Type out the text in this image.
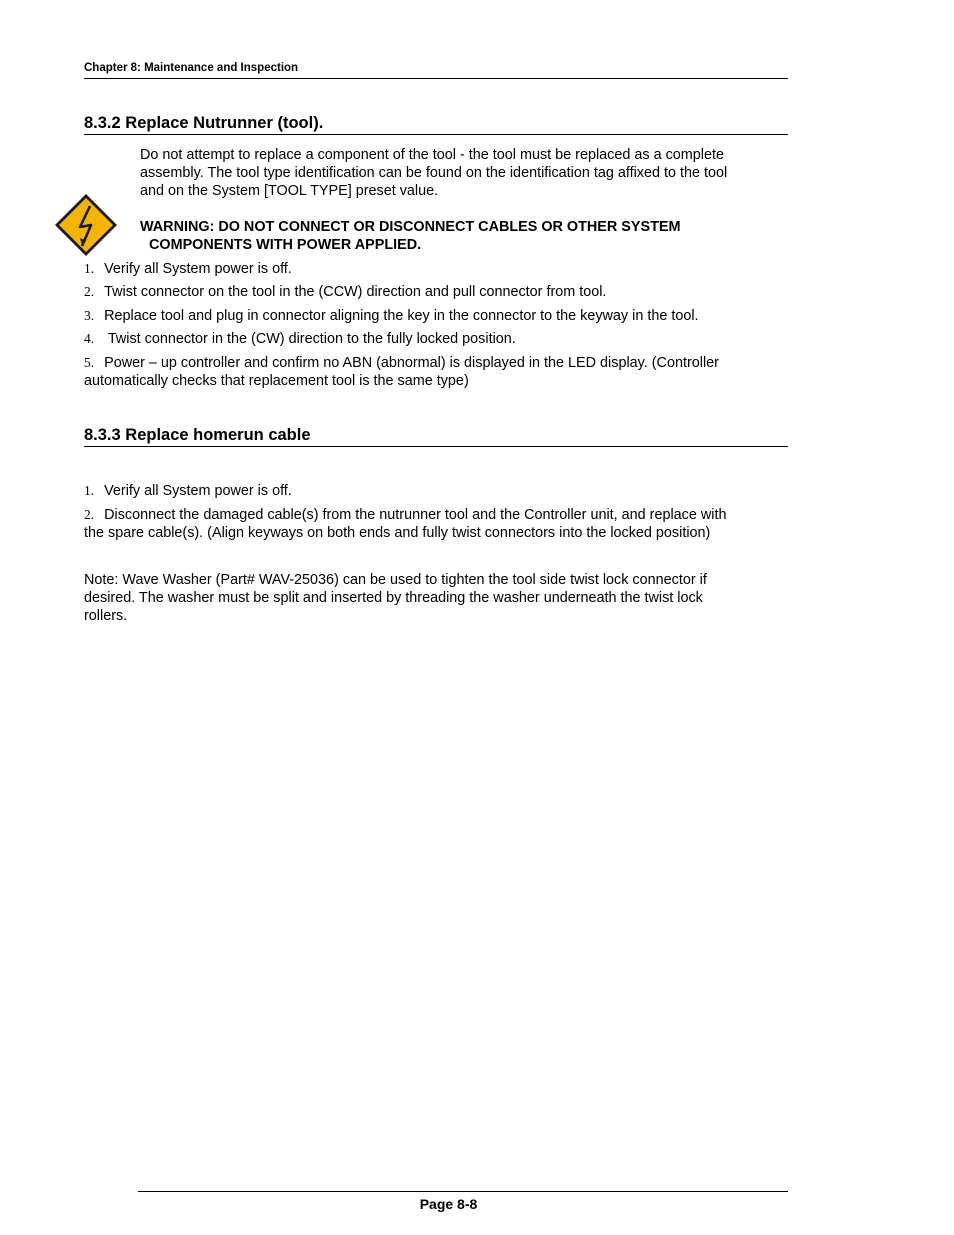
Chapter 8: Maintenance and Inspection
8.3.2 Replace Nutrunner (tool).
Do not attempt to replace a component of the tool - the tool must be replaced as a complete
assembly. The tool type identification can be found on the identification tag affixed to the tool
and on the System [TOOL TYPE] preset value.
WARNING: DO NOT CONNECT OR DISCONNECT CABLES OR OTHER SYSTEM
COMPONENTS WITH POWER APPLIED.
1. Verify all System power is off.
2. Twist connector on the tool in the (CCW) direction and pull connector from tool.
3. Replace tool and plug in connector aligning the key in the connector to the keyway in the tool.
4. Twist connector in the (CW) direction to the fully locked position.
5. Power – up controller and confirm no ABN (abnormal) is displayed in the LED display. (Controller
automatically checks that replacement tool is the same type)
8.3.3 Replace homerun cable
1. Verify all System power is off.
2. Disconnect the damaged cable(s) from the nutrunner tool and the Controller unit, and replace with
the spare cable(s). (Align keyways on both ends and fully twist connectors into the locked position)
Note: Wave Washer (Part# WAV-25036) can be used to tighten the tool side twist lock connector if
desired. The washer must be split and inserted by threading the washer underneath the twist lock
rollers.
Page 8-8
